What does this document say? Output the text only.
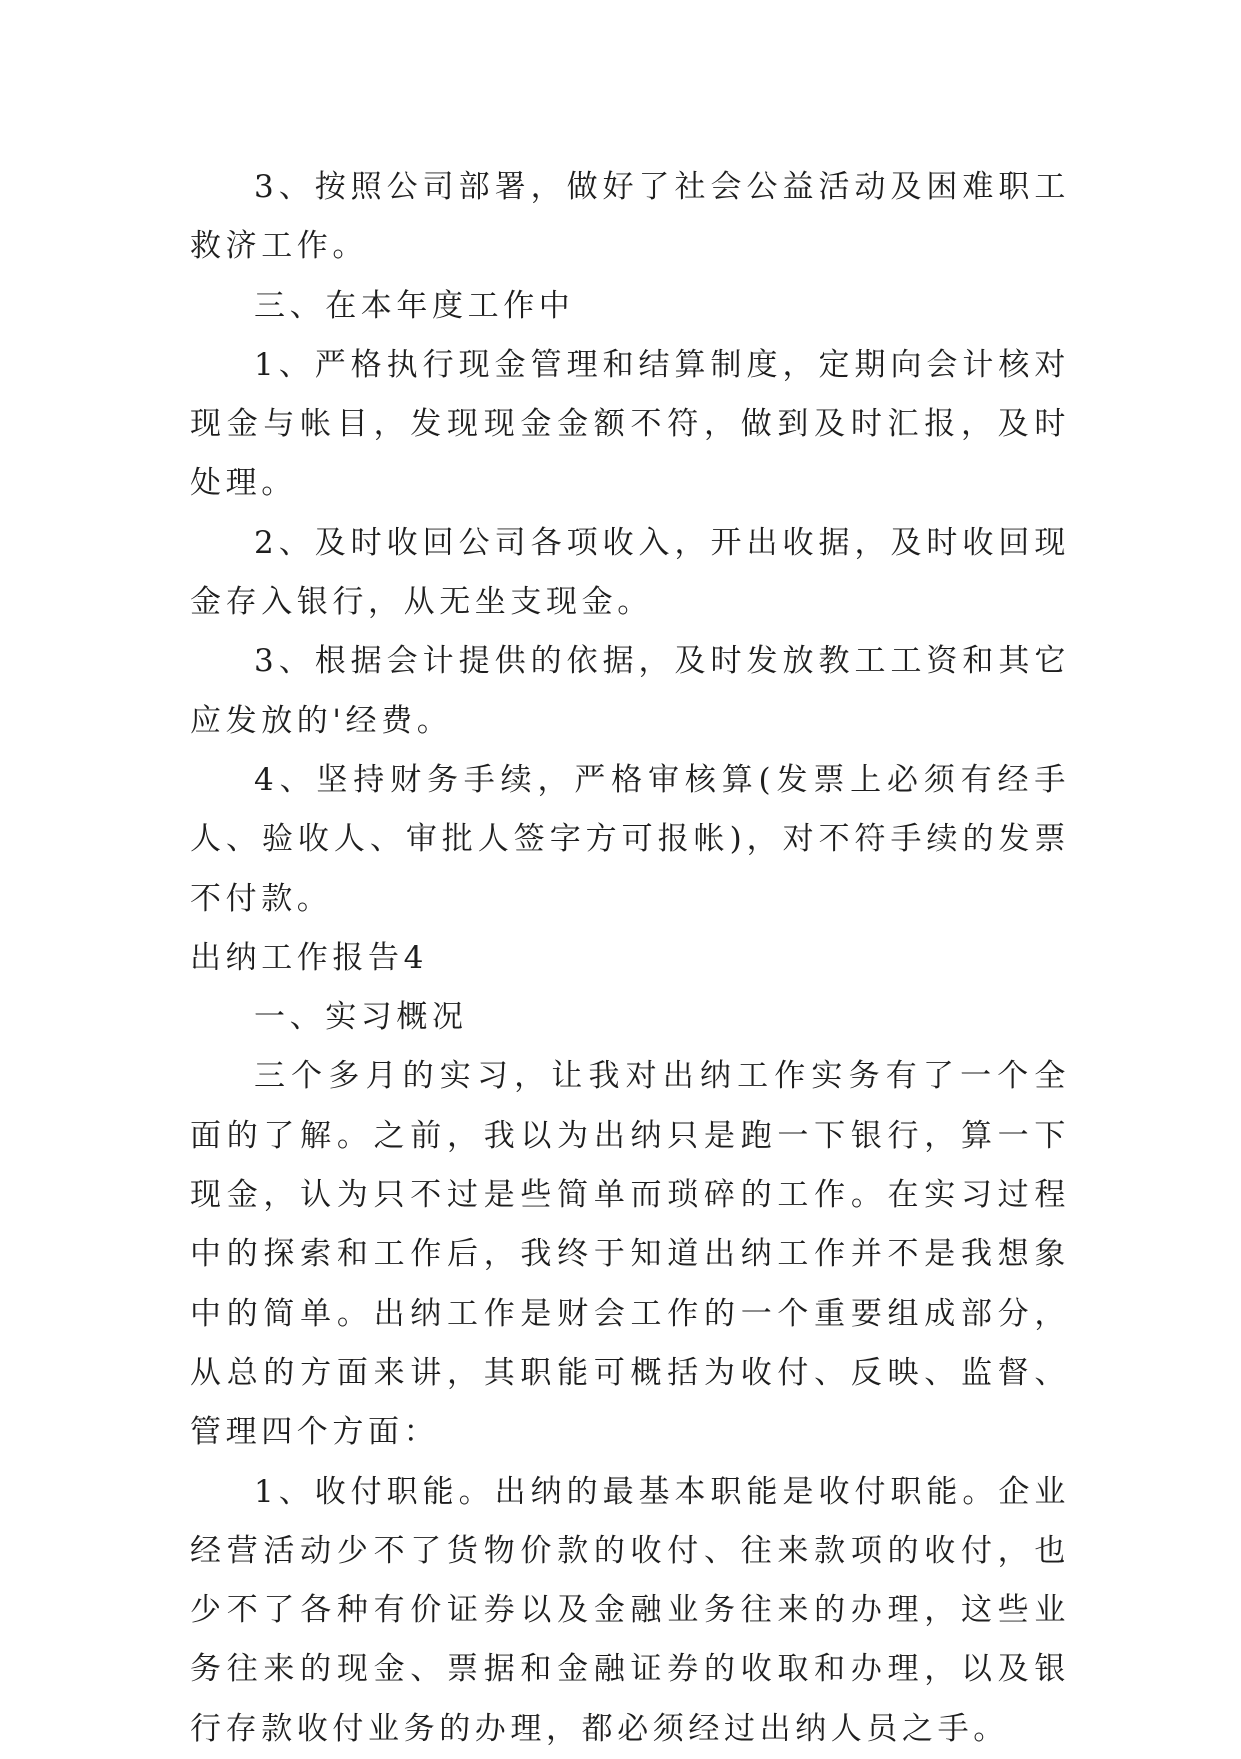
3、按照公司部署，做好了社会公益活动及困难职工救济工作。

三、在本年度工作中

1、严格执行现金管理和结算制度，定期向会计核对现金与帐目，发现现金金额不符，做到及时汇报，及时处理。

2、及时收回公司各项收入，开出收据，及时收回现金存入银行，从无坐支现金。

3、根据会计提供的依据，及时发放教工工资和其它应发放的'经费。

4、坚持财务手续，严格审核算(发票上必须有经手人、验收人、审批人签字方可报帐)，对不符手续的发票不付款。

出纳工作报告4

一、实习概况

三个多月的实习，让我对出纳工作实务有了一个全面的了解。之前，我以为出纳只是跑一下银行，算一下现金，认为只不过是些简单而琐碎的工作。在实习过程中的探索和工作后，我终于知道出纳工作并不是我想象中的简单。出纳工作是财会工作的一个重要组成部分，从总的方面来讲，其职能可概括为收付、反映、监督、管理四个方面：

1、收付职能。出纳的最基本职能是收付职能。企业经营活动少不了货物价款的收付、往来款项的收付，也少不了各种有价证券以及金融业务往来的办理，这些业务往来的现金、票据和金融证券的收取和办理，以及银行存款收付业务的办理，都必须经过出纳人员之手。
